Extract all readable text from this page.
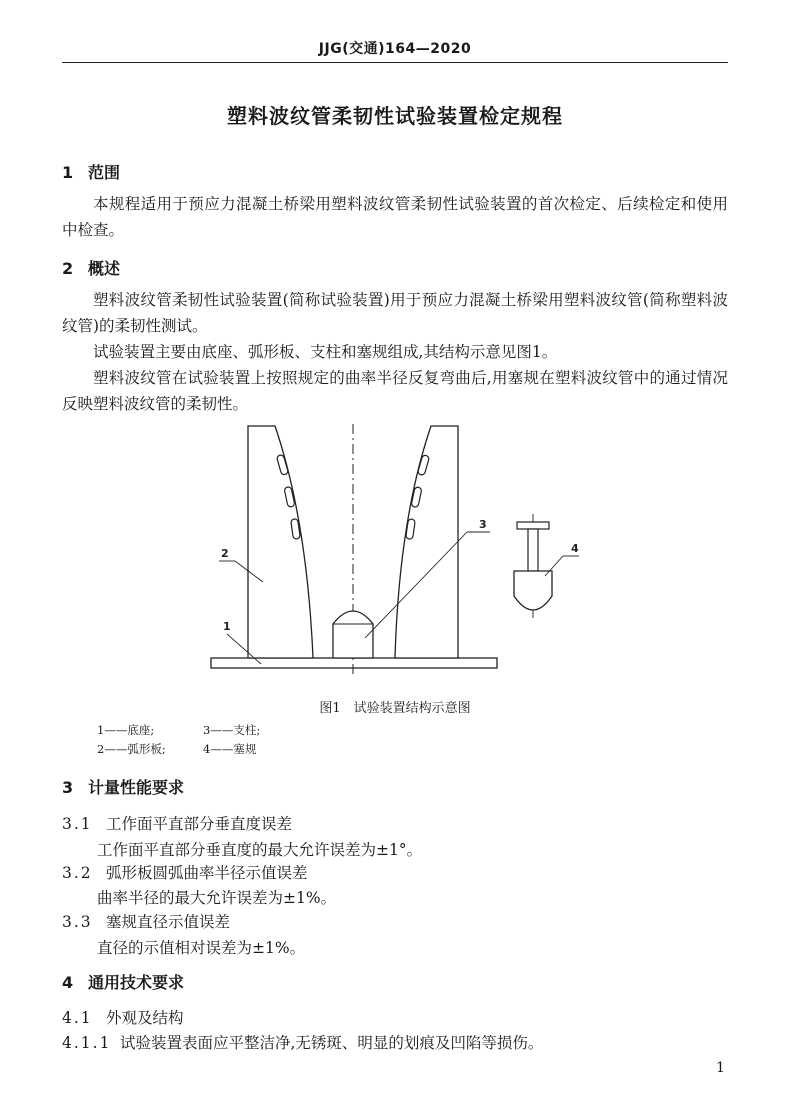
JJG(交通)164—2020
塑料波纹管柔韧性试验装置检定规程
1 范围

本规程适用于预应力混凝土桥梁用塑料波纹管柔韧性试验装置的首次检定、后续检定和使用中检查。

2 概述

塑料波纹管柔韧性试验装置(简称试验装置)用于预应力混凝土桥梁用塑料波纹管(简称塑料波纹管)的柔韧性测试。

试验装置主要由底座、弧形板、支柱和塞规组成,其结构示意见图1。

塑料波纹管在试验装置上按照规定的曲率半径反复弯曲后,用塞规在塑料波纹管中的通过情况反映塑料波纹管的柔韧性。

1
2
3
4
图1　试验装置结构示意图
1——底座;	3——支柱;
2——弧形板;	4——塞规
3 计量性能要求
3.1 工作面平直部分垂直度误差
工作面平直部分垂直度的最大允许误差为±1°。
3.2 弧形板圆弧曲率半径示值误差
曲率半径的最大允许误差为±1%。
3.3 塞规直径示值误差
直径的示值相对误差为±1%。
4 通用技术要求
4.1 外观及结构
4.1.1 试验装置表面应平整洁净,无锈斑、明显的划痕及凹陷等损伤。
1
